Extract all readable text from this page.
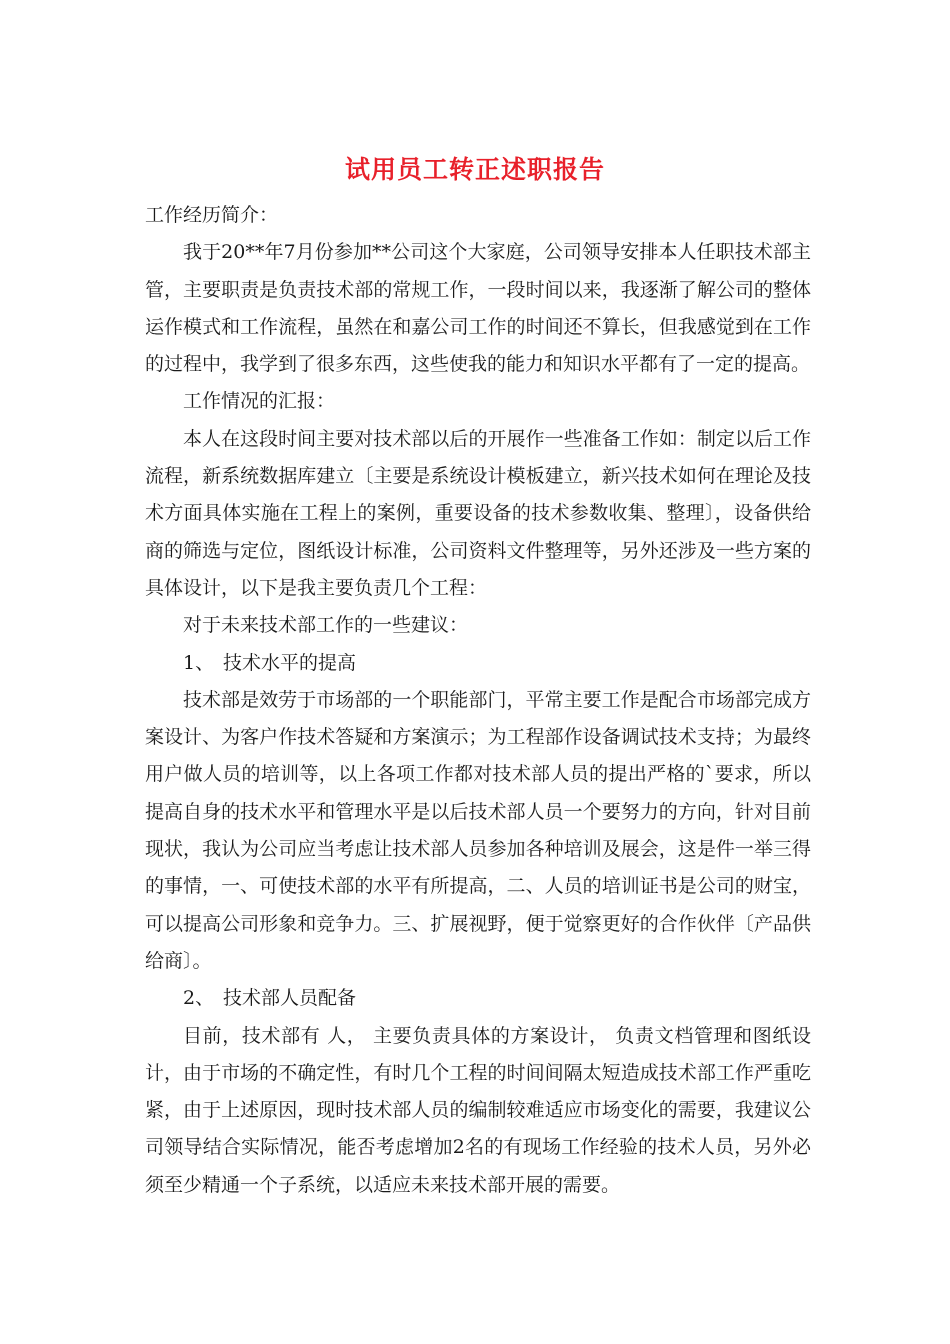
试用员工转正述职报告

工作经历简介：

我于20**年7月份参加**公司这个大家庭，公司领导安排本人任职技术部主管，主要职责是负责技术部的常规工作，一段时间以来，我逐渐了解公司的整体运作模式和工作流程，虽然在和嘉公司工作的时间还不算长，但我感觉到在工作的过程中，我学到了很多东西，这些使我的能力和知识水平都有了一定的提高。

工作情况的汇报：

本人在这段时间主要对技术部以后的开展作一些准备工作如：制定以后工作流程，新系统数据库建立〔主要是系统设计模板建立，新兴技术如何在理论及技术方面具体实施在工程上的案例，重要设备的技术参数收集、整理〕，设备供给商的筛选与定位，图纸设计标准，公司资料文件整理等，另外还涉及一些方案的具体设计，以下是我主要负责几个工程：

对于未来技术部工作的一些建议：

1、 技术水平的提高

技术部是效劳于市场部的一个职能部门，平常主要工作是配合市场部完成方案设计、为客户作技术答疑和方案演示；为工程部作设备调试技术支持；为最终用户做人员的培训等，以上各项工作都对技术部人员的提出严格的`要求，所以提高自身的技术水平和管理水平是以后技术部人员一个要努力的方向，针对目前现状，我认为公司应当考虑让技术部人员参加各种培训及展会，这是件一举三得的事情，一、可使技术部的水平有所提高，二、人员的培训证书是公司的财宝，可以提高公司形象和竞争力。三、扩展视野，便于觉察更好的合作伙伴〔产品供给商〕。

2、 技术部人员配备

目前，技术部有 人， 主要负责具体的方案设计， 负责文档管理和图纸设计，由于市场的不确定性，有时几个工程的时间间隔太短造成技术部工作严重吃紧，由于上述原因，现时技术部人员的编制较难适应市场变化的需要，我建议公司领导结合实际情况，能否考虑增加2名的有现场工作经验的技术人员，另外必须至少精通一个子系统，以适应未来技术部开展的需要。
